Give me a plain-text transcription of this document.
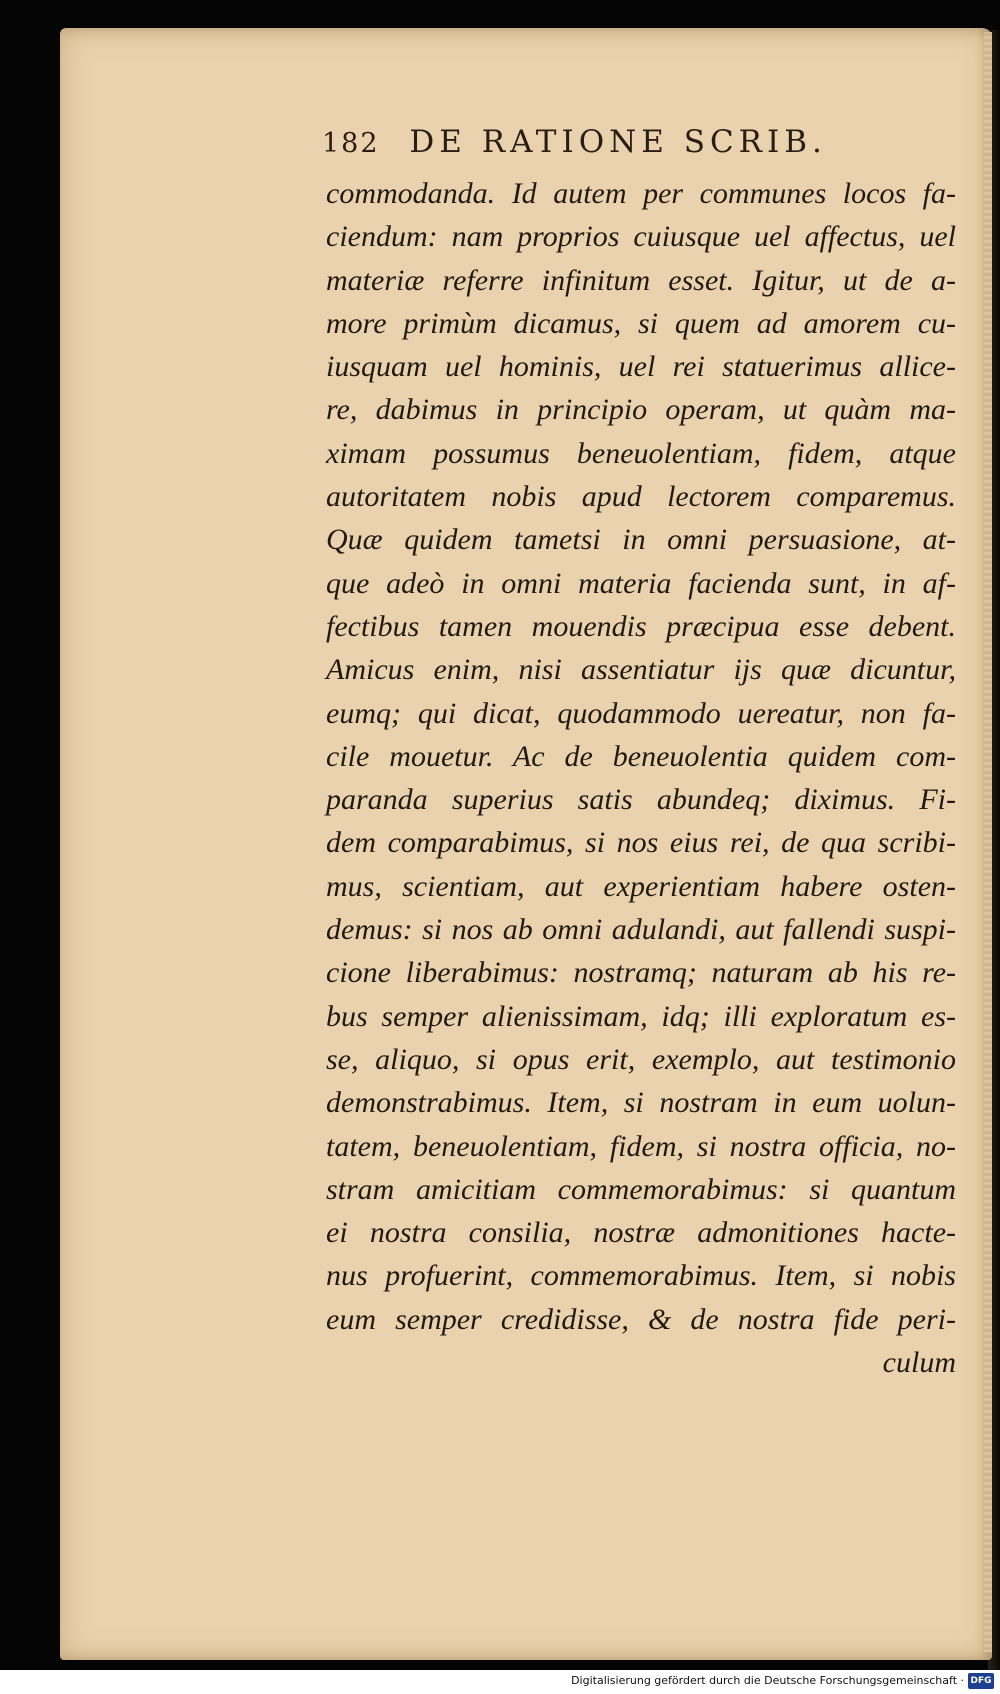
182 DE RATIONE SCRIB.
commodanda. Id autem per communes locos fa-
ciendum: nam proprios cuiusque uel affectus, uel
materiæ referre infinitum esset. Igitur, ut de a-
more primùm dicamus, si quem ad amorem cu-
iusquam uel hominis, uel rei statuerimus allice-
re, dabimus in principio operam, ut quàm ma-
ximam possumus beneuolentiam, fidem, atque
autoritatem nobis apud lectorem comparemus.
Quæ quidem tametsi in omni persuasione, at-
que adeò in omni materia facienda sunt, in af-
fectibus tamen mouendis præcipua esse debent.
Amicus enim, nisi assentiatur ijs quæ dicuntur,
eumq; qui dicat, quodammodo uereatur, non fa-
cile mouetur. Ac de beneuolentia quidem com-
paranda superius satis abundeq; diximus. Fi-
dem comparabimus, si nos eius rei, de qua scribi-
mus, scientiam, aut experientiam habere osten-
demus: si nos ab omni adulandi, aut fallendi suspi-
cione liberabimus: nostramq; naturam ab his re-
bus semper alienissimam, idq; illi exploratum es-
se, aliquo, si opus erit, exemplo, aut testimonio
demonstrabimus. Item, si nostram in eum uolun-
tatem, beneuolentiam, fidem, si nostra officia, no-
stram amicitiam commemorabimus: si quantum
ei nostra consilia, nostræ admonitiones hacte-
nus profuerint, commemorabimus. Item, si nobis
eum semper credidisse, & de nostra fide peri-
culum
Digitalisierung gefördert durch die Deutsche Forschungsgemeinschaft · DFG
